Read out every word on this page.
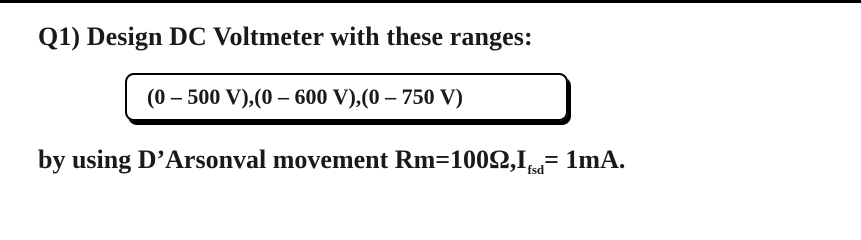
Q1) Design DC Voltmeter with these ranges:
(0 – 500 V),(0 – 600 V),(0 – 750 V)
by using D’Arsonval movement $Rm=100\Omega,I_{fsd}= 1mA$.
